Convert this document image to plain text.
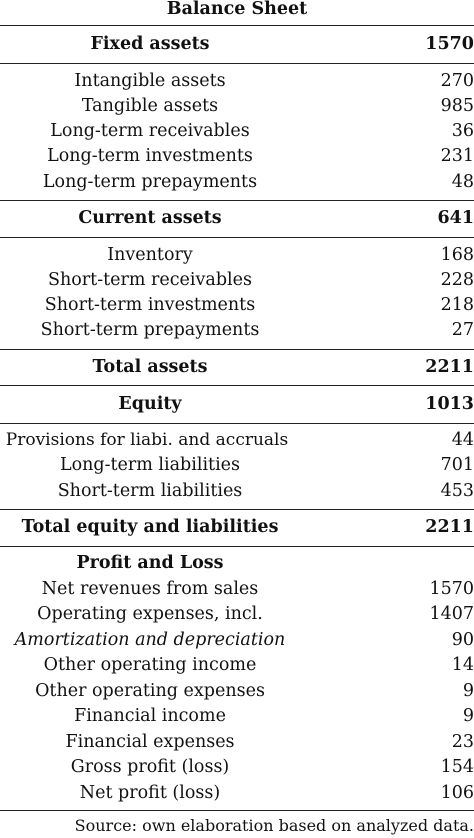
Balance Sheet
Fixed assets	1570
Intangible assets	270
Tangible assets	985
Long-term receivables	36
Long-term investments	231
Long-term prepayments	48
Current assets	641
Inventory	168
Short-term receivables	228
Short-term investments	218
Short-term prepayments	27
Total assets	2211
Equity	1013
Provisions for liabi. and accruals	44
Long-term liabilities	701
Short-term liabilities	453
Total equity and liabilities	2211
Profit and Loss
Net revenues from sales	1570
Operating expenses, incl.	1407
Amortization and depreciation	90
Other operating income	14
Other operating expenses	9
Financial income	9
Financial expenses	23
Gross profit (loss)	154
Net profit (loss)	106
Source: own elaboration based on analyzed data.
